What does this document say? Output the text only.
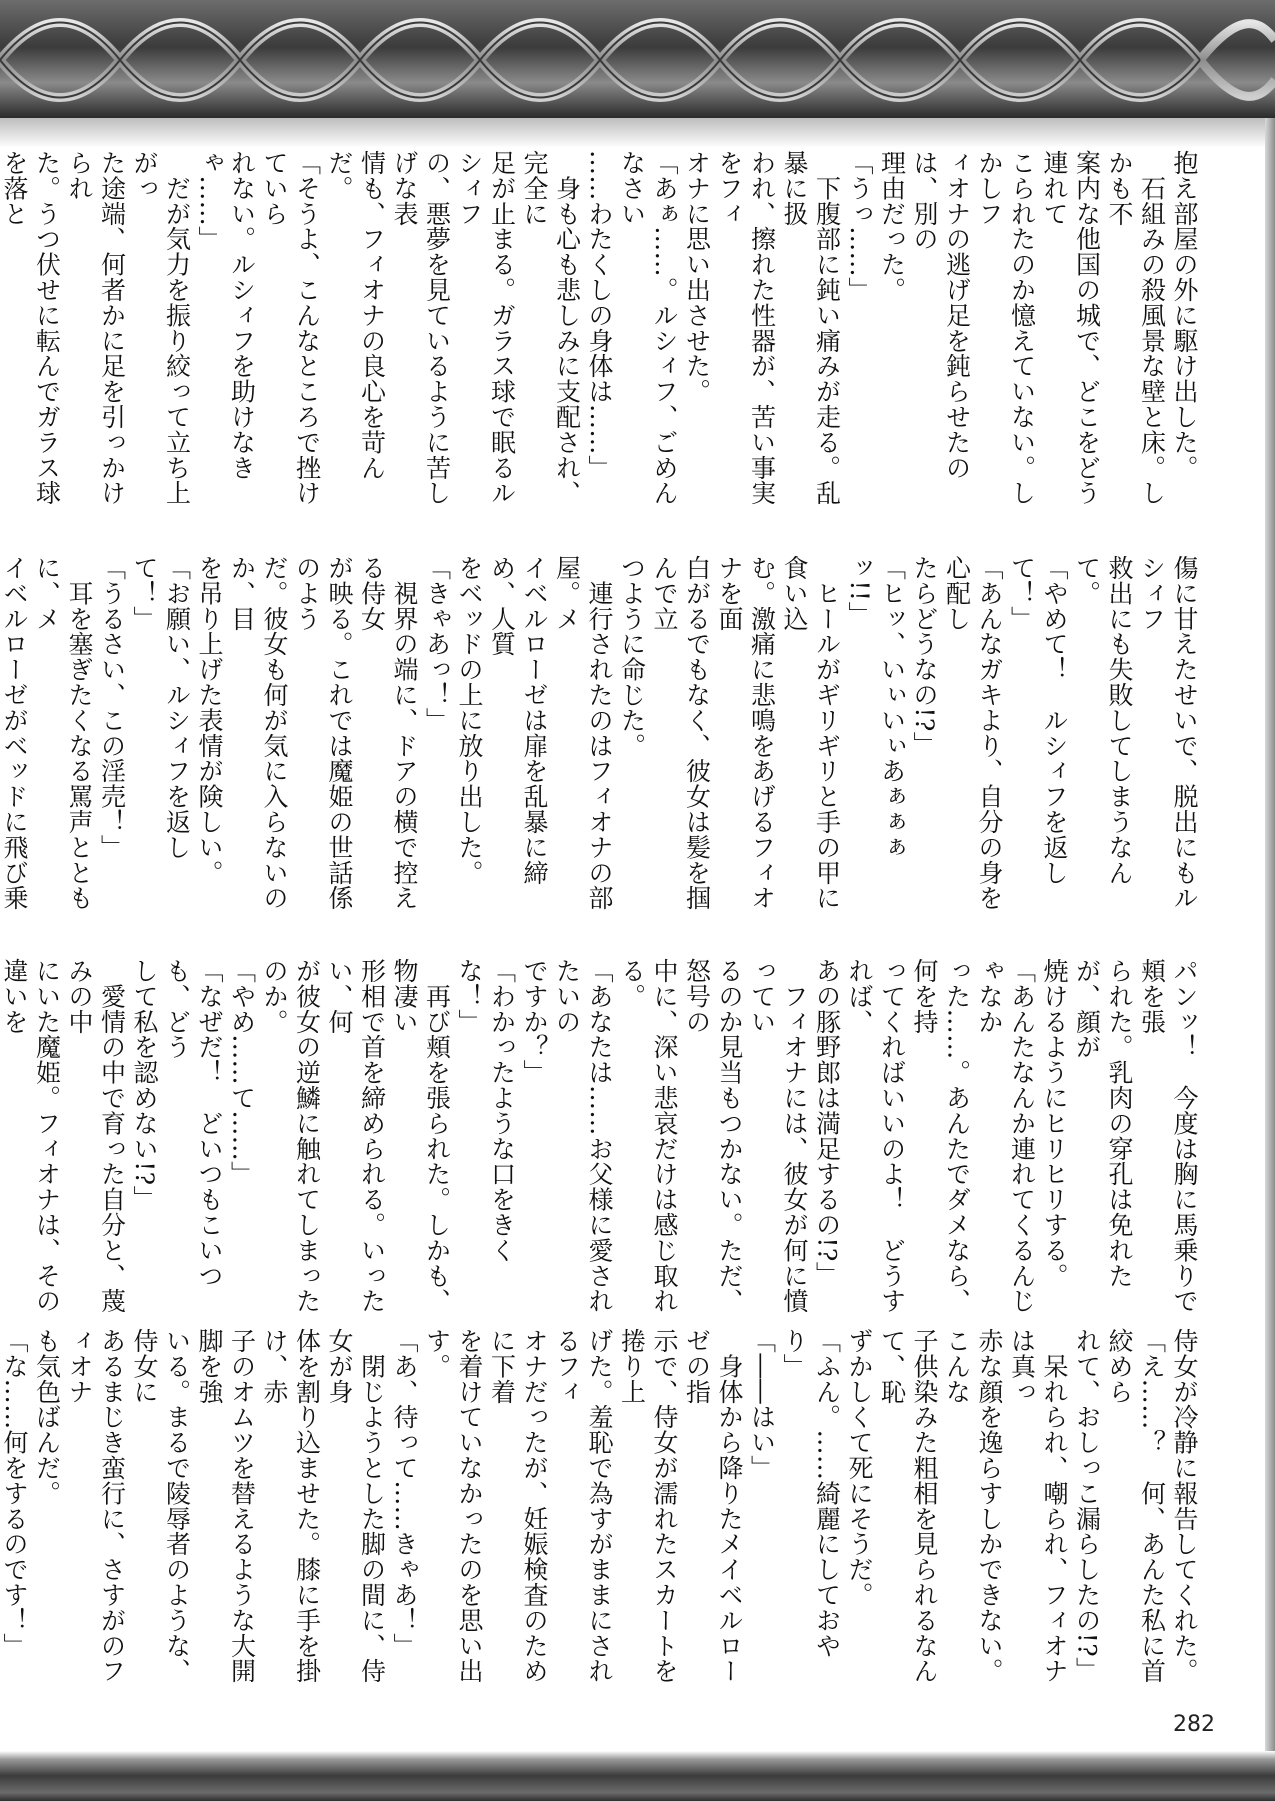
抱え部屋の外に駆け出した。
　石組みの殺風景な壁と床。しかも不
案内な他国の城で、どこをどう連れて
こられたのか憶えていない。しかしフ
ィオナの逃げ足を鈍らせたのは、別の
理由だった。
「うっ……」
　下腹部に鈍い痛みが走る。乱暴に扱
われ、擦れた性器が、苦い事実をフィ
オナに思い出させた。
「あぁ……。ルシィフ、ごめんなさい
……わたくしの身体は……」
　身も心も悲しみに支配され、完全に
足が止まる。ガラス球で眠るルシィフ
の、悪夢を見ているように苦しげな表
情も、フィオナの良心を苛んだ。
「そうよ、こんなところで挫けていら
れない。ルシィフを助けなきゃ……」
　だが気力を振り絞って立ち上がっ
た途端、何者かに足を引っかけられ
た。うつ伏せに転んでガラス球を落と

傷に甘えたせいで、脱出にもルシィフ
救出にも失敗してしまうなんて。
「やめて！　ルシィフを返して！」
「あんなガキより、自分の身を心配し
たらどうなの!?」
「ヒッ、いぃいぃあぁぁぁッ!!」
　ヒールがギリギリと手の甲に食い込
む。激痛に悲鳴をあげるフィオナを面
白がるでもなく、彼女は髪を掴んで立
つように命じた。
　連行されたのはフィオナの部屋。メ
イベルローゼは扉を乱暴に締め、人質
をベッドの上に放り出した。
「きゃあっ！」
　視界の端に、ドアの横で控える侍女
が映る。これでは魔姫の世話係のよう
だ。彼女も何が気に入らないのか、目
を吊り上げた表情が険しい。
「お願い、ルシィフを返して！」
「うるさい、この淫売！」
　耳を塞ぎたくなる罵声とともに、メ
イベルローゼがベッドに飛び乗

パンッ！　今度は胸に馬乗りで頬を張
られた。乳肉の穿孔は免れたが、顔が
焼けるようにヒリヒリする。
「あんたなんか連れてくるんじゃなか
った……。あんたでダメなら、何を持
ってくればいいのよ！　どうすれば、
あの豚野郎は満足するの!?」
　フィオナには、彼女が何に憤ってい
るのか見当もつかない。ただ、怒号の
中に、深い悲哀だけは感じ取れる。
「あなたは……お父様に愛されたいの
ですか？」
「わかったような口をきくな！」
　再び頬を張られた。しかも、物凄い
形相で首を締められる。いったい、何
が彼女の逆鱗に触れてしまったのか。
「やめ……て……」
「なぜだ！　どいつもこいつも、どう
して私を認めない!?」
　愛情の中で育った自分と、蔑みの中
にいた魔姫。フィオナは、その違いを

侍女が冷静に報告してくれた。
「え……？　何、あんた私に首絞めら
れて、おしっこ漏らしたの!?」
　呆れられ、嘲られ、フィオナは真っ
赤な顔を逸らすしかできない。こんな
子供染みた粗相を見られるなんて、恥
ずかしくて死にそうだ。
「ふん。……綺麗にしておやり」
「――はい」
　身体から降りたメイベルローゼの指
示で、侍女が濡れたスカートを捲り上
げた。羞恥で為すがままにされるフィ
オナだったが、妊娠検査のために下着
を着けていなかったのを思い出す。
「あ、待って……きゃあ！」
　閉じようとした脚の間に、侍女が身
体を割り込ませた。膝に手を掛け、赤
子のオムツを替えるような大開脚を強
いる。まるで陵辱者のような、侍女に
あるまじき蛮行に、さすがのフィオナ
も気色ばんだ。
「な……何をするのです！」

282
